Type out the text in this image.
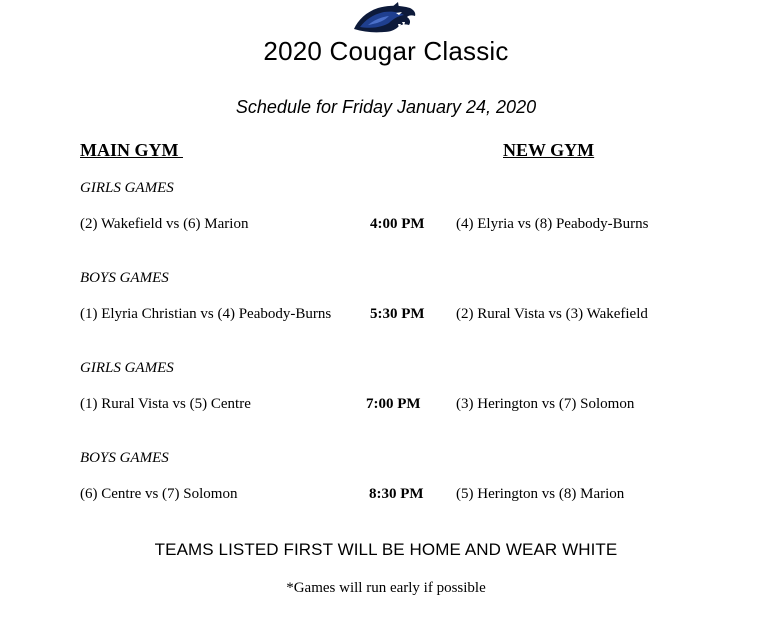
2020 Cougar Classic
Schedule for Friday January 24, 2020
MAIN GYM	NEW GYM
GIRLS GAMES
(2) Wakefield vs (6) Marion	4:00 PM (4) Elyria vs (8) Peabody-Burns
BOYS GAMES
(1) Elyria Christian vs (4) Peabody-Burns	5:30 PM (2) Rural Vista vs (3) Wakefield
GIRLS GAMES
(1) Rural Vista vs (5) Centre	7:00 PM (3) Herington vs (7) Solomon
BOYS GAMES
(6) Centre vs (7) Solomon	8:30 PM (5) Herington vs (8) Marion
TEAMS LISTED FIRST WILL BE HOME AND WEAR WHITE
*Games will run early if possible
